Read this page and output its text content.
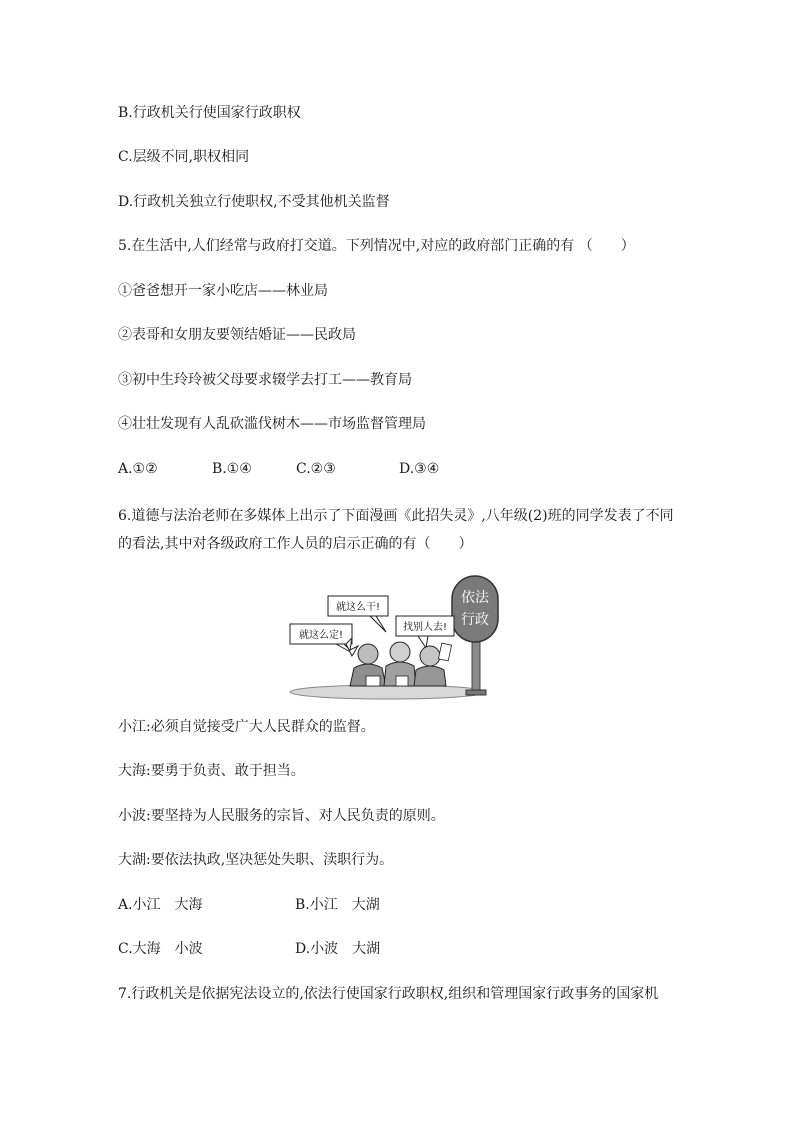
B.行政机关行使国家行政职权
C.层级不同,职权相同
D.行政机关独立行使职权,不受其他机关监督
5.在生活中,人们经常与政府打交道。下列情况中,对应的政府部门正确的有 （　　）
①爸爸想开一家小吃店——林业局
②表哥和女朋友要领结婚证——民政局
③初中生玲玲被父母要求辍学去打工——教育局
④壮壮发现有人乱砍滥伐树木——市场监督管理局
A.①②	B.①④	C.②③	D.③④
6.道德与法治老师在多媒体上出示了下面漫画《此招失灵》,八年级(2)班的同学发表了不同
的看法,其中对各级政府工作人员的启示正确的有（　　）
依法
行政
就这么干!
就这么定!
找别人去!
小江:必须自觉接受广大人民群众的监督。
大海:要勇于负责、敢于担当。
小波:要坚持为人民服务的宗旨、对人民负责的原则。
大湖:要依法执政,坚决惩处失职、渎职行为。
A.小江　大海	B.小江　大湖
C.大海　小波	D.小波　大湖
7.行政机关是依据宪法设立的,依法行使国家行政职权,组织和管理国家行政事务的国家机
